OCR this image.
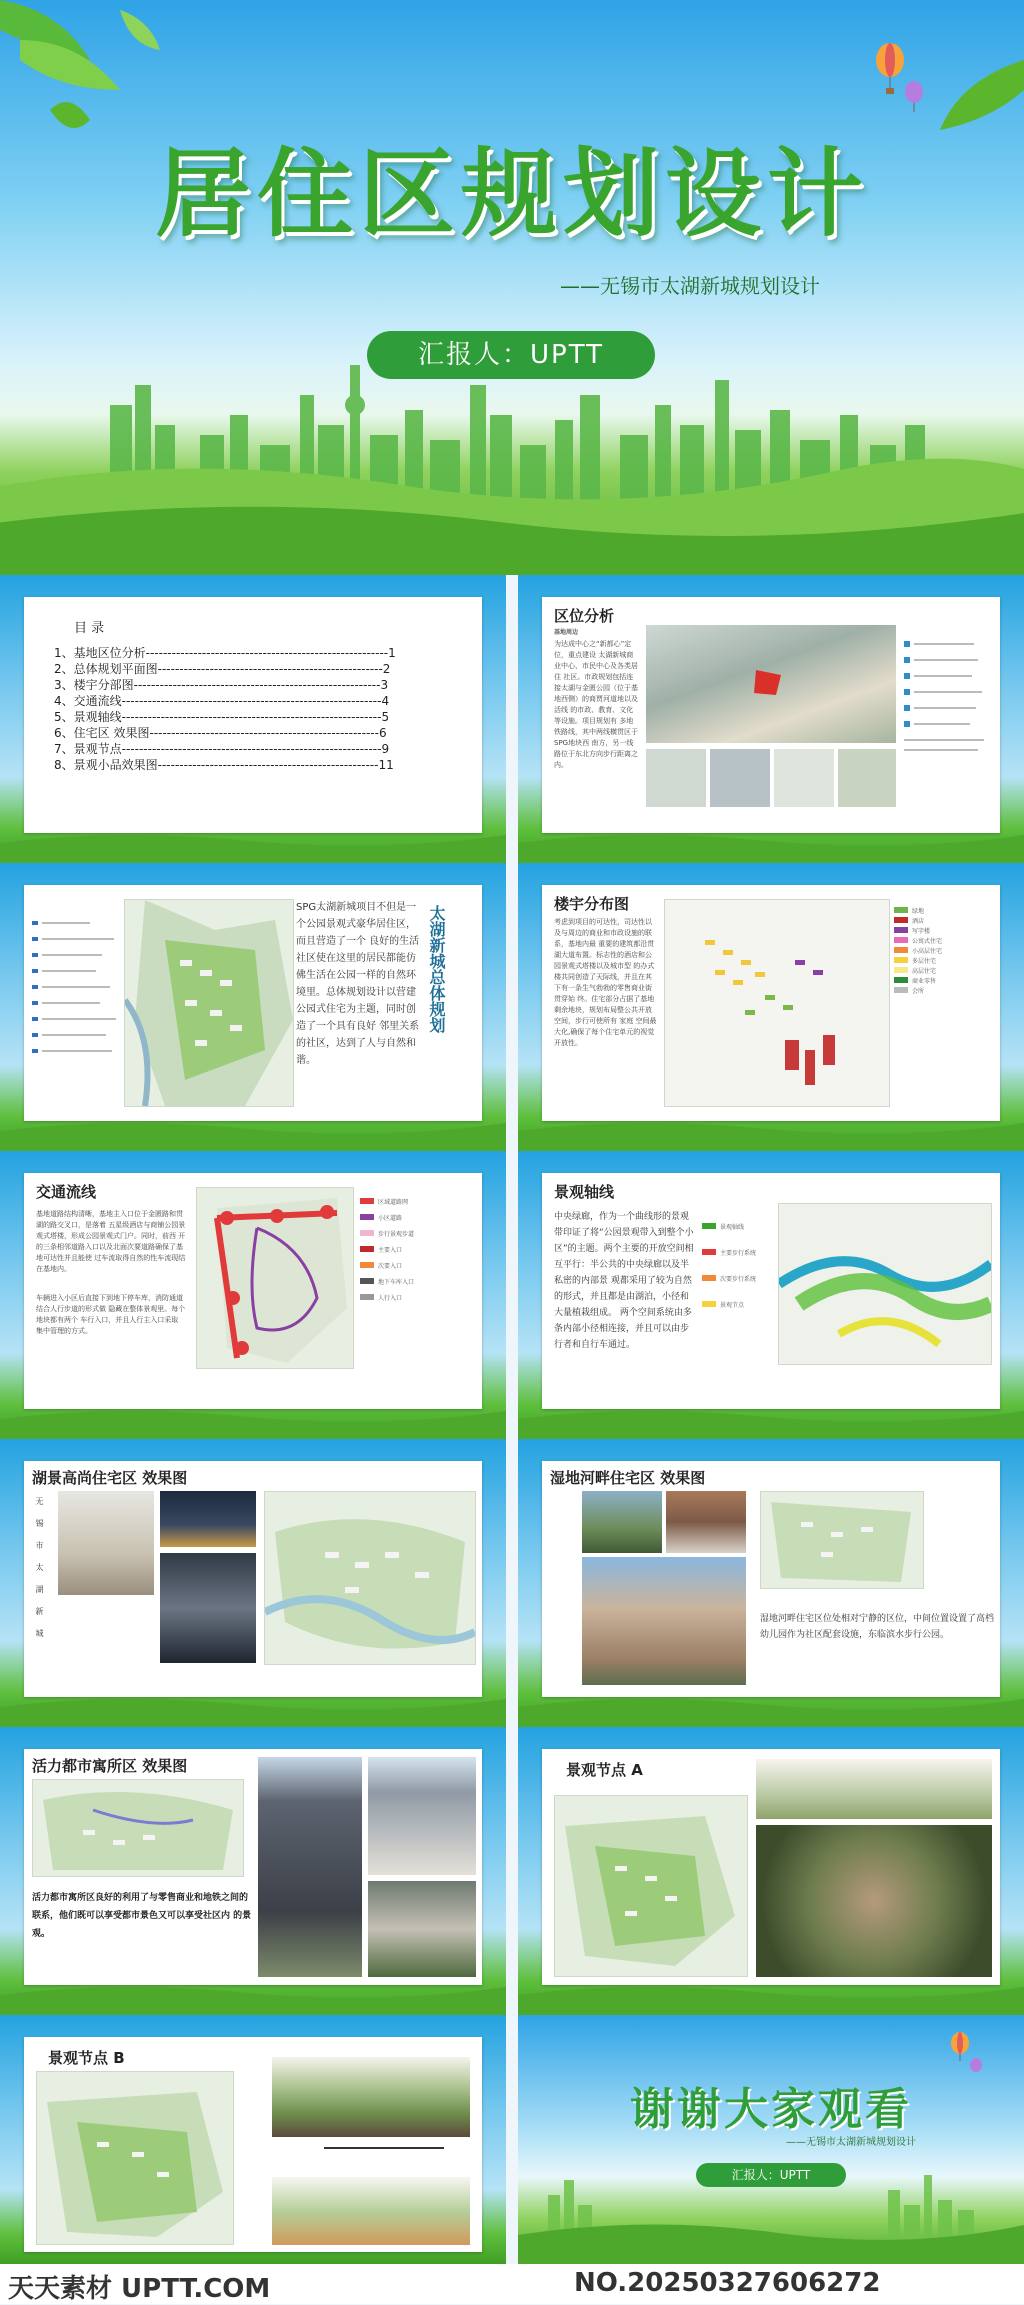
居住区规划设计
——无锡市太湖新城规划设计
汇报人：UPTT
目 录
1、基地区位分析--------------------------------------------------------1
2、总体规划平面图----------------------------------------------------2
3、楼宇分部图---------------------------------------------------------3
4、交通流线------------------------------------------------------------4
5、景观轴线------------------------------------------------------------5
6、住宅区 效果图-----------------------------------------------------6
7、景观节点------------------------------------------------------------9
8、景观小品效果图---------------------------------------------------11
区位分析
基地周边
为达成中心之“新都心”定位，重点建设 太湖新城商业中心、市民中心及各类居住 社区。市政规划包括连接太湖与金匮公园（位于基地西侧）的商贾河道地以及活线 的市政、教育、文化等设施。项目规划有 多地铁路线，其中两线横贯区于SPG地块西 南方，另一线路位于东北方向步行距离之 内。
SPG太湖新城项目不但是一个公园景观式豪华居住区，而且营造了一个 良好的生活社区使在这里的居民都能仿佛生活在公园一样的自然环境里。总体规划设计以营建公园式住宅为主题，同时创造了一个具有良好 邻里关系的社区，达到了人与自然和谐。
太湖新城总体规划
楼宇分布图
考虑到项目的可达性，司达性以及与周边的商业和市政设施的联系，基地内最 重要的建筑都沿贯湖大道布置。标志性的酒店和公园景观式塔楼以及城市型 的办式楼共同创造了天际线，并且在其下有一条生气勃勃的零售商业街贯穿始 终。住宅部分占据了基地剩余地块，规划布局整公共开放空间，步行可使所有 家庭 空间最大化,确保了每个住宅单元的视觉开放性。
绿地
酒店
写字楼
公寓式住宅
小高层住宅
多层住宅
高层住宅
商业零售
会所
交通流线
基地道路结构清晰，基地主入口位于金匮路和贯湖的路交叉口，是落着 五星级酒店与商铺公园景观式塔楼，形成公园景观式门户。同时，前西 开的三条相邻道路入口以及北面次要道路确保了基地可达性并且能使 过车流取得自然的性车流现结在基地内。
车辆进入小区后直接下到地下停车库，消防通道结合人行步道的形式做 隐藏在整体景观里。每个地块都有两个 车行入口，并且人行主入口采取 集中管理的方式。
区域道路网
小区道路
步行景观步道
主要入口
次要入口
地下车库入口
人行入口
景观轴线
中央绿廊，作为一个曲线形的景观带印证了将“公园景观带入到整个小 区”的主题。两个主要的开放空间相互平行：半公共的中央绿廊以及半 私密的内部景 观都采用了较为自然的形式，并且都是由湖泊，小径和大量植栽组成。 两个空间系统由多条内部小径相连接，并且可以由步行者和自行车通过。
景观轴线
主要步行系统
次要步行系统
景观节点
湖景高尚住宅区 效果图
无锡市太湖新城
湿地河畔住宅区 效果图
湿地河畔住宅区位处相对宁静的区位，中间位置设置了高档幼儿园作为社区配套设施，东临滨水步行公园。
活力都市寓所区 效果图
活力都市寓所区良好的利用了与零售商业和地铁之间的联系，他们既可以享受都市景色又可以享受社区内 的景观。
景观节点 A
景观节点 B
谢谢大家观看
——无锡市太湖新城规划设计
汇报人：UPTT
天天素材 UPTT.COM	NO.20250327606272
